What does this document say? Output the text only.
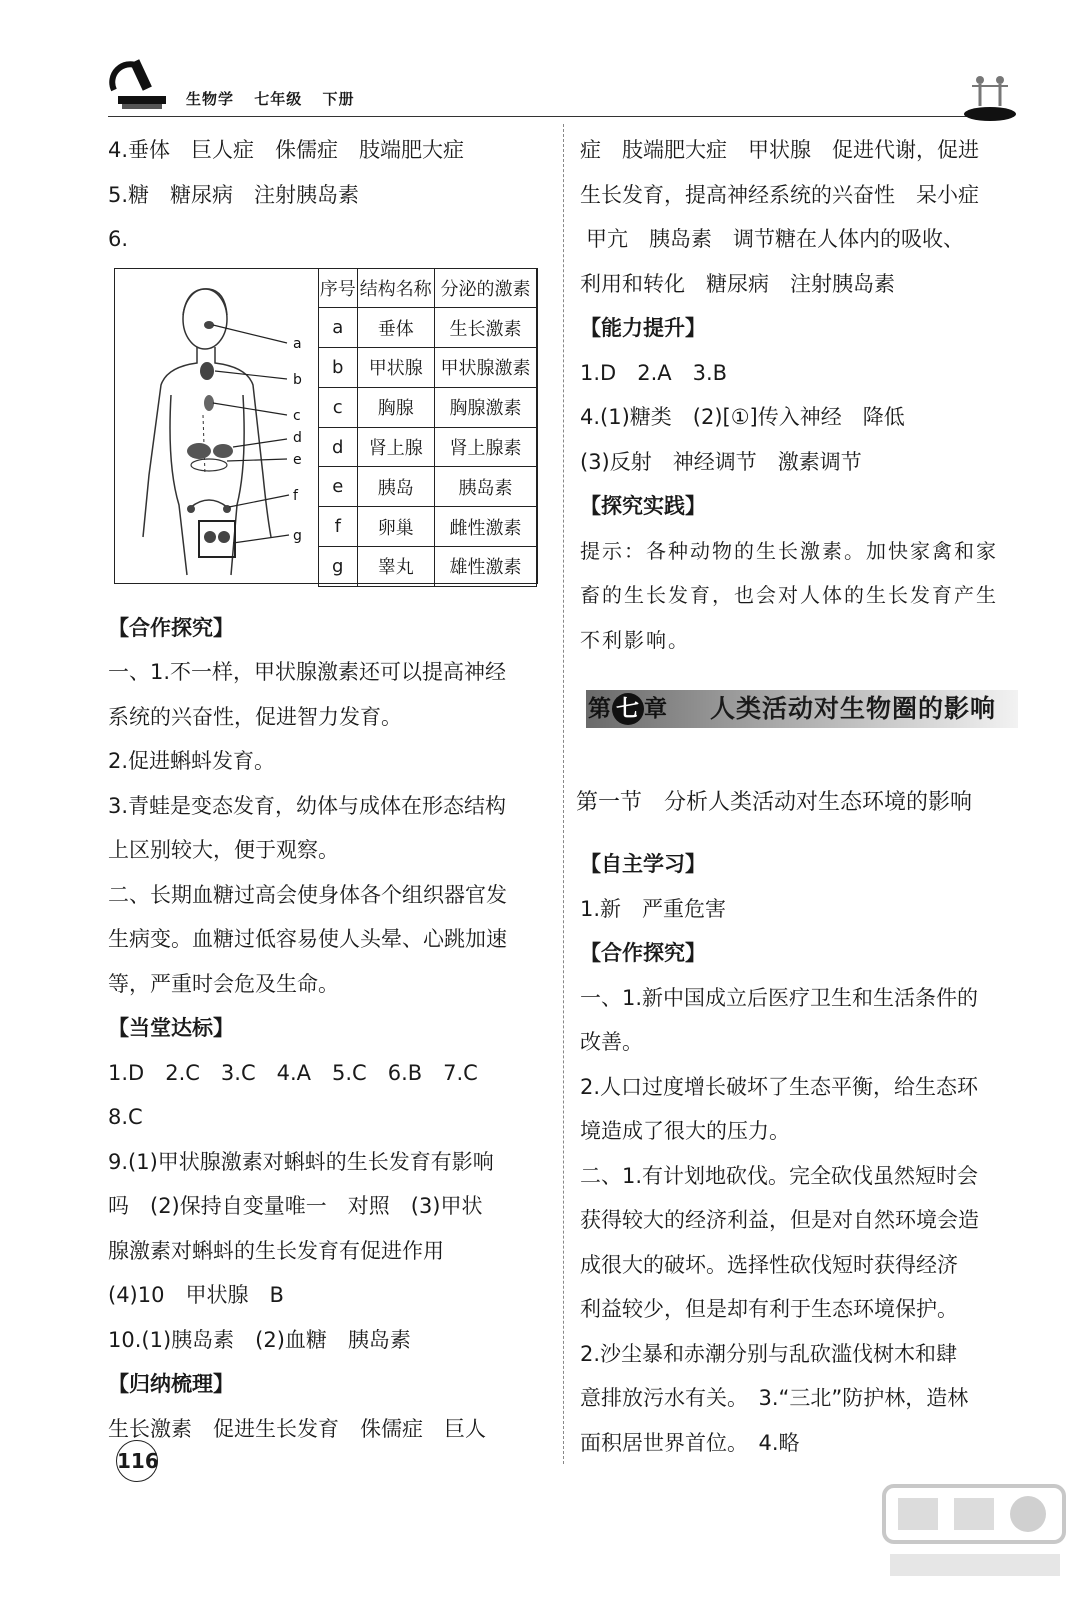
生物学 七年级 下册
4.垂体　巨人症　侏儒症　肢端肥大症
5.糖　糖尿病　注射胰岛素
6.
a
b
c
d
e
f
g
序号	结构名称	分泌的激素
a	垂体	生长激素
b	甲状腺	甲状腺激素
c	胸腺	胸腺激素
d	肾上腺	肾上腺素
e	胰岛	胰岛素
f	卵巢	雌性激素
g	睾丸	雄性激素
【合作探究】
一、1.不一样，甲状腺激素还可以提高神经
系统的兴奋性，促进智力发育。
2.促进蝌蚪发育。
3.青蛙是变态发育，幼体与成体在形态结构
上区别较大，便于观察。
二、长期血糖过高会使身体各个组织器官发
生病变。血糖过低容易使人头晕、心跳加速
等，严重时会危及生命。
【当堂达标】
1.D　2.C　3.C　4.A　5.C　6.B　7.C
8.C
9.(1)甲状腺激素对蝌蚪的生长发育有影响
吗　(2)保持自变量唯一　对照　(3)甲状
腺激素对蝌蚪的生长发育有促进作用
(4)10　甲状腺　B
10.(1)胰岛素　(2)血糖　胰岛素
【归纳梳理】
生长激素　促进生长发育　侏儒症　巨人
症　肢端肥大症　甲状腺　促进代谢，促进
生长发育，提高神经系统的兴奋性　呆小症
甲亢　胰岛素　调节糖在人体内的吸收、
利用和转化　糖尿病　注射胰岛素
【能力提升】
1.D　2.A　3.B
4.(1)糖类　(2)[①]传入神经　降低
(3)反射　神经调节　激素调节
【探究实践】
提示：各种动物的生长激素。加快家禽和家
畜的生长发育，也会对人体的生长发育产生
不利影响。
第 七 章 人类活动对生物圈的影响
第一节　分析人类活动对生态环境的影响
【自主学习】
1.新　严重危害
【合作探究】
一、1.新中国成立后医疗卫生和生活条件的
改善。
2.人口过度增长破坏了生态平衡，给生态环
境造成了很大的压力。
二、1.有计划地砍伐。完全砍伐虽然短时会
获得较大的经济利益，但是对自然环境会造
成很大的破坏。选择性砍伐短时获得经济
利益较少，但是却有利于生态环境保护。
2.沙尘暴和赤潮分别与乱砍滥伐树木和肆
意排放污水有关。　3.“三北”防护林，造林
面积居世界首位。　4.略
116
